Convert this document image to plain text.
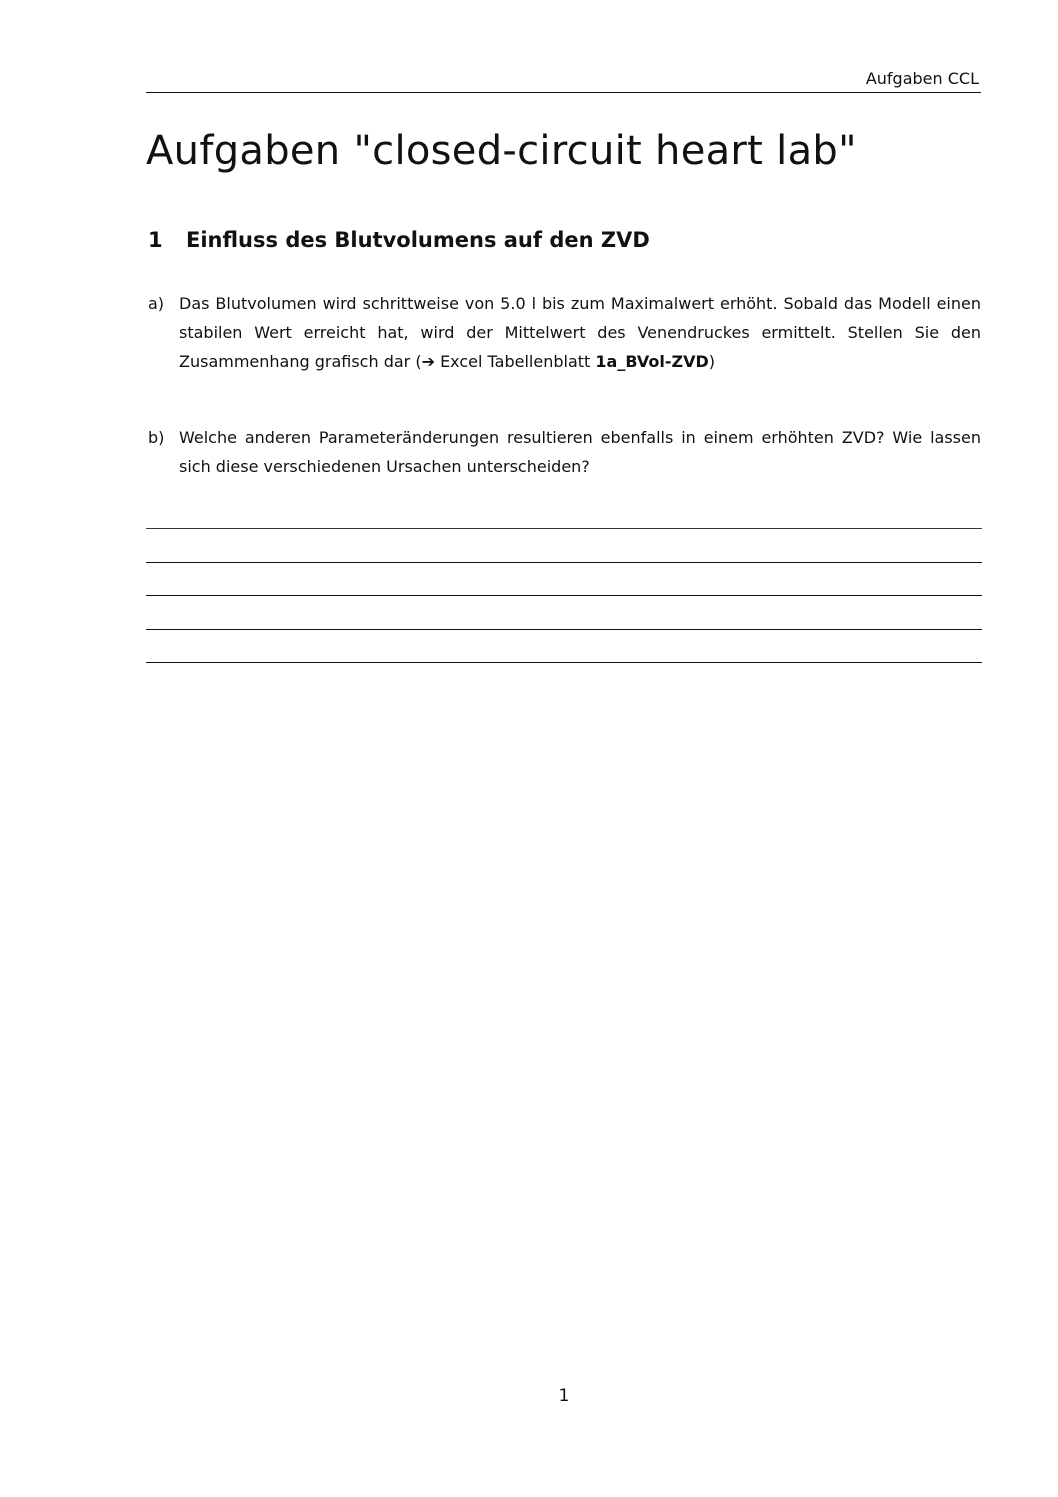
Aufgaben CCL
Aufgaben "closed-circuit heart lab"
1 Einfluss des Blutvolumens auf den ZVD
a) Das Blutvolumen wird schrittweise von 5.0 l bis zum Maximalwert erhöht. Sobald das Modell einen stabilen Wert erreicht hat, wird der Mittelwert des Venendruckes ermittelt. Stellen Sie den Zusammenhang grafisch dar (➔ Excel Tabellenblatt 1a_BVol-ZVD)
b) Welche anderen Parameteränderungen resultieren ebenfalls in einem erhöhten ZVD? Wie lassen sich diese verschiedenen Ursachen unterscheiden?
1
